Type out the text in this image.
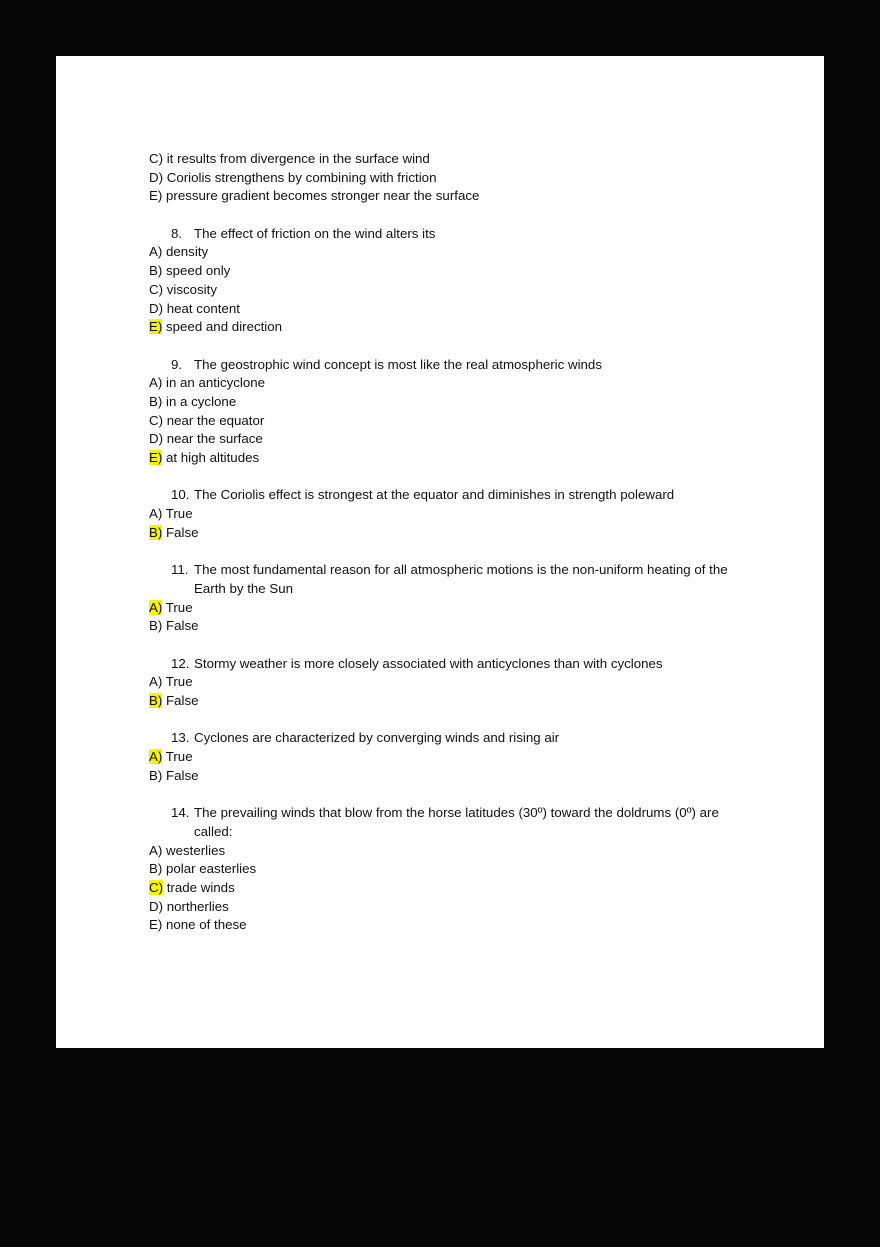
C) it results from divergence in the surface wind
D) Coriolis strengthens by combining with friction
E) pressure gradient becomes stronger near the surface
8. The effect of friction on the wind alters its
A) density
B) speed only
C) viscosity
D) heat content
E) speed and direction
9. The geostrophic wind concept is most like the real atmospheric winds
A) in an anticyclone
B) in a cyclone
C) near the equator
D) near the surface
E) at high altitudes
10. The Coriolis effect is strongest at the equator and diminishes in strength poleward
A) True
B) False
11. The most fundamental reason for all atmospheric motions is the non-uniform heating of the Earth by the Sun
A) True
B) False
12. Stormy weather is more closely associated with anticyclones than with cyclones
A) True
B) False
13. Cyclones are characterized by converging winds and rising air
A) True
B) False
14. The prevailing winds that blow from the horse latitudes (30º) toward the doldrums (0º) are called:
A) westerlies
B) polar easterlies
C) trade winds
D) northerlies
E) none of these
